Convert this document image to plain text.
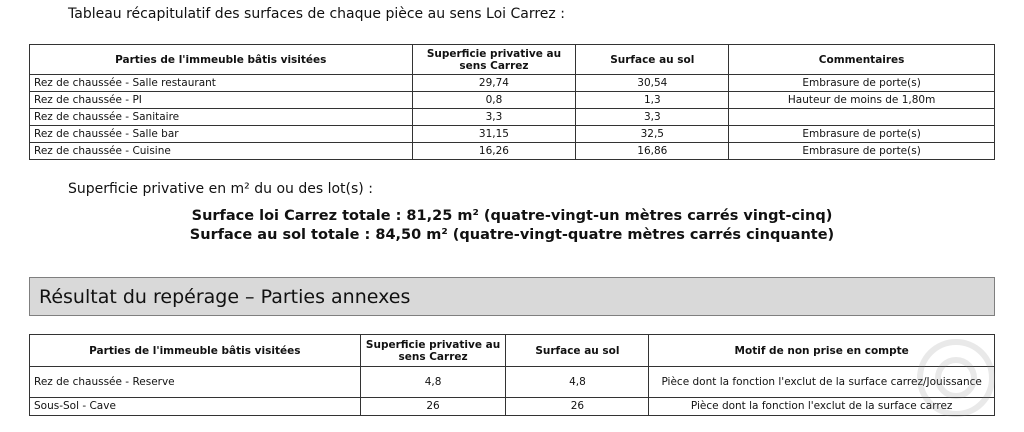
Tableau récapitulatif des surfaces de chaque pièce au sens Loi Carrez :
Parties de l'immeuble bâtis visitées	Superficie privative au sens Carrez	Surface au sol	Commentaires
Rez de chaussée - Salle restaurant	29,74	30,54	Embrasure de porte(s)
Rez de chaussée - PI	0,8	1,3	Hauteur de moins de 1,80m
Rez de chaussée - Sanitaire	3,3	3,3	
Rez de chaussée - Salle bar	31,15	32,5	Embrasure de porte(s)
Rez de chaussée - Cuisine	16,26	16,86	Embrasure de porte(s)
Superficie privative en m² du ou des lot(s) :
Surface loi Carrez totale : 81,25 m² (quatre-vingt-un mètres carrés vingt-cinq)
Surface au sol totale : 84,50 m² (quatre-vingt-quatre mètres carrés cinquante)
Résultat du repérage – Parties annexes
Parties de l'immeuble bâtis visitées	Superficie privative au sens Carrez	Surface au sol	Motif de non prise en compte
Rez de chaussée - Reserve	4,8	4,8	Pièce dont la fonction l'exclut de la surface carrez/Jouissance
Sous-Sol - Cave	26	26	Pièce dont la fonction l'exclut de la surface carrez
